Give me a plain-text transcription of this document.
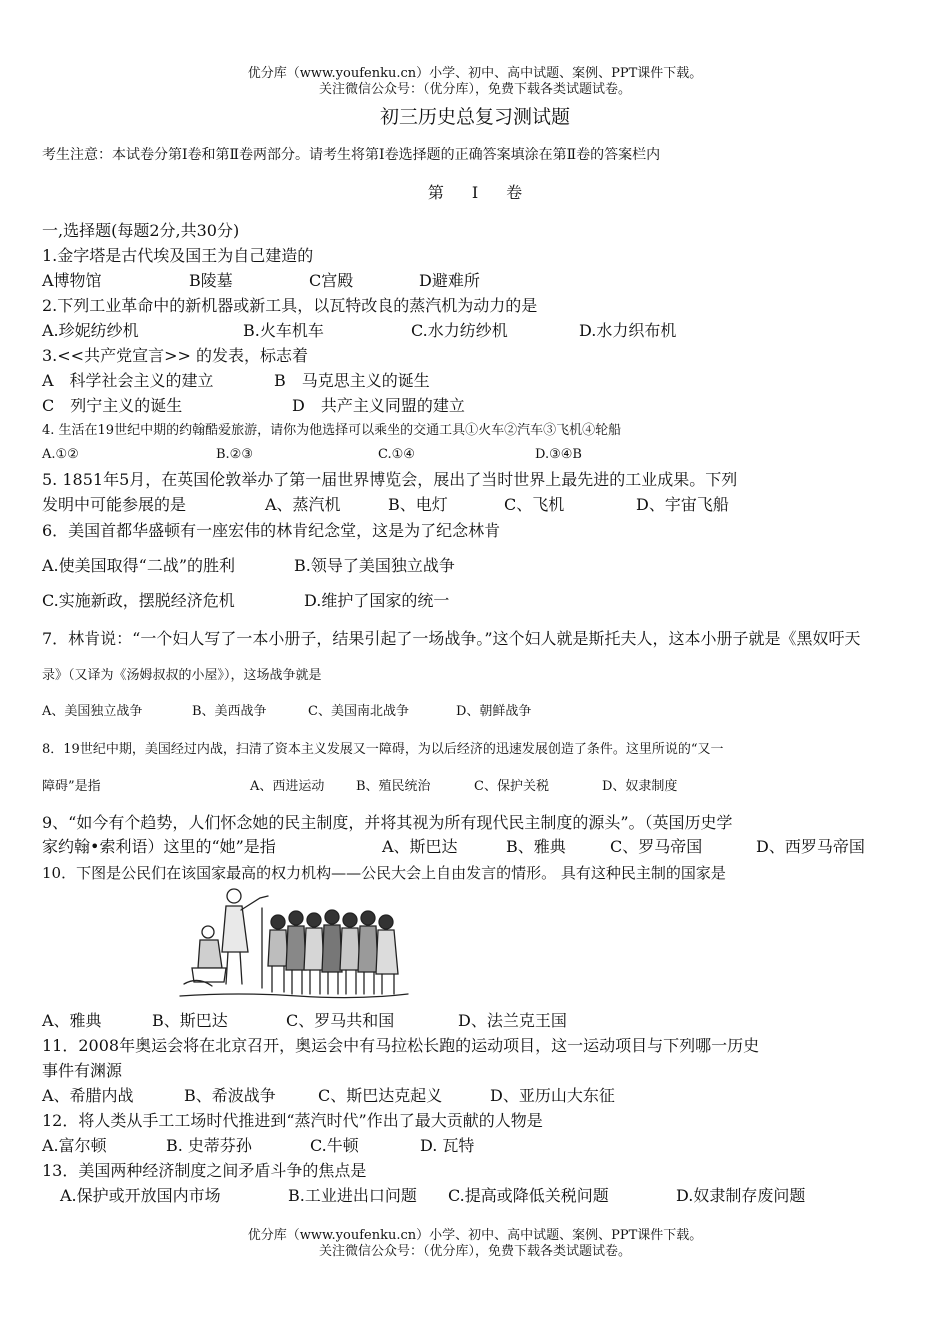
优分库（www.youfenku.cn）小学、初中、高中试题、案例、PPT课件下载。
关注微信公众号：（优分库），免费下载各类试题试卷。
初三历史总复习测试题
考生注意：本试卷分第Ⅰ卷和第Ⅱ卷两部分。请考生将第Ⅰ卷选择题的正确答案填涂在第Ⅱ卷的答案栏内
第 Ⅰ 卷
一,选择题(每题2分,共30分)
1.金字塔是古代埃及国王为自己建造的
A博物馆	B陵墓	C宫殿	D避难所
2.下列工业革命中的新机器或新工具，以瓦特改良的蒸汽机为动力的是
A.珍妮纺纱机	B.火车机车	C.水力纺纱机	D.水力织布机
3.<<共产党宣言>> 的发表，标志着
A　科学社会主义的建立	B　马克思主义的诞生
C　列宁主义的诞生	D　共产主义同盟的建立
4. 生活在19世纪中期的约翰酷爱旅游，请你为他选择可以乘坐的交通工具①火车②汽车③飞机④轮船
A.①②	B.②③	C.①④	D.③④B
5. 1851年5月，在英国伦敦举办了第一届世界博览会，展出了当时世界上最先进的工业成果。下列
发明中可能参展的是	A、蒸汽机	B、电灯	C、飞机	D、宇宙飞船
6．美国首都华盛顿有一座宏伟的林肯纪念堂，这是为了纪念林肯
A.使美国取得“二战”的胜利	B.领导了美国独立战争
C.实施新政，摆脱经济危机	D.维护了国家的统一
7．林肯说：“一个妇人写了一本小册子，结果引起了一场战争。”这个妇人就是斯托夫人，这本小册子就是《黑奴吁天
录》（又译为《汤姆叔叔的小屋》），这场战争就是
A、美国独立战争	B、美西战争	C、美国南北战争	D、朝鲜战争
8．19世纪中期，美国经过内战，扫清了资本主义发展又一障碍，为以后经济的迅速发展创造了条件。这里所说的“又一
障碍”是指	A、西进运动 B、殖民统治	C、保护关税	D、奴隶制度
9、“如今有个趋势，人们怀念她的民主制度，并将其视为所有现代民主制度的源头”。（英国历史学
家约翰•索利语）这里的“她”是指	A、斯巴达	B、雅典	C、罗马帝国	D、西罗马帝国
10．下图是公民们在该国家最高的权力机构——公民大会上自由发言的情形。 具有这种民主制的国家是
A、雅典	B、斯巴达	C、罗马共和国	D、法兰克王国
11．2008年奥运会将在北京召开，奥运会中有马拉松长跑的运动项目，这一运动项目与下列哪一历史
事件有渊源
A、希腊内战	B、希波战争	C、斯巴达克起义	D、亚历山大东征
12．将人类从手工工场时代推进到“蒸汽时代”作出了最大贡献的人物是
A.富尔顿	B. 史蒂芬孙	C.牛顿	D. 瓦特
13．美国两种经济制度之间矛盾斗争的焦点是
A.保护或开放国内市场	B.工业进出口问题 C.提高或降低关税问题	D.奴隶制存废问题
优分库（www.youfenku.cn）小学、初中、高中试题、案例、PPT课件下载。
关注微信公众号：（优分库），免费下载各类试题试卷。
